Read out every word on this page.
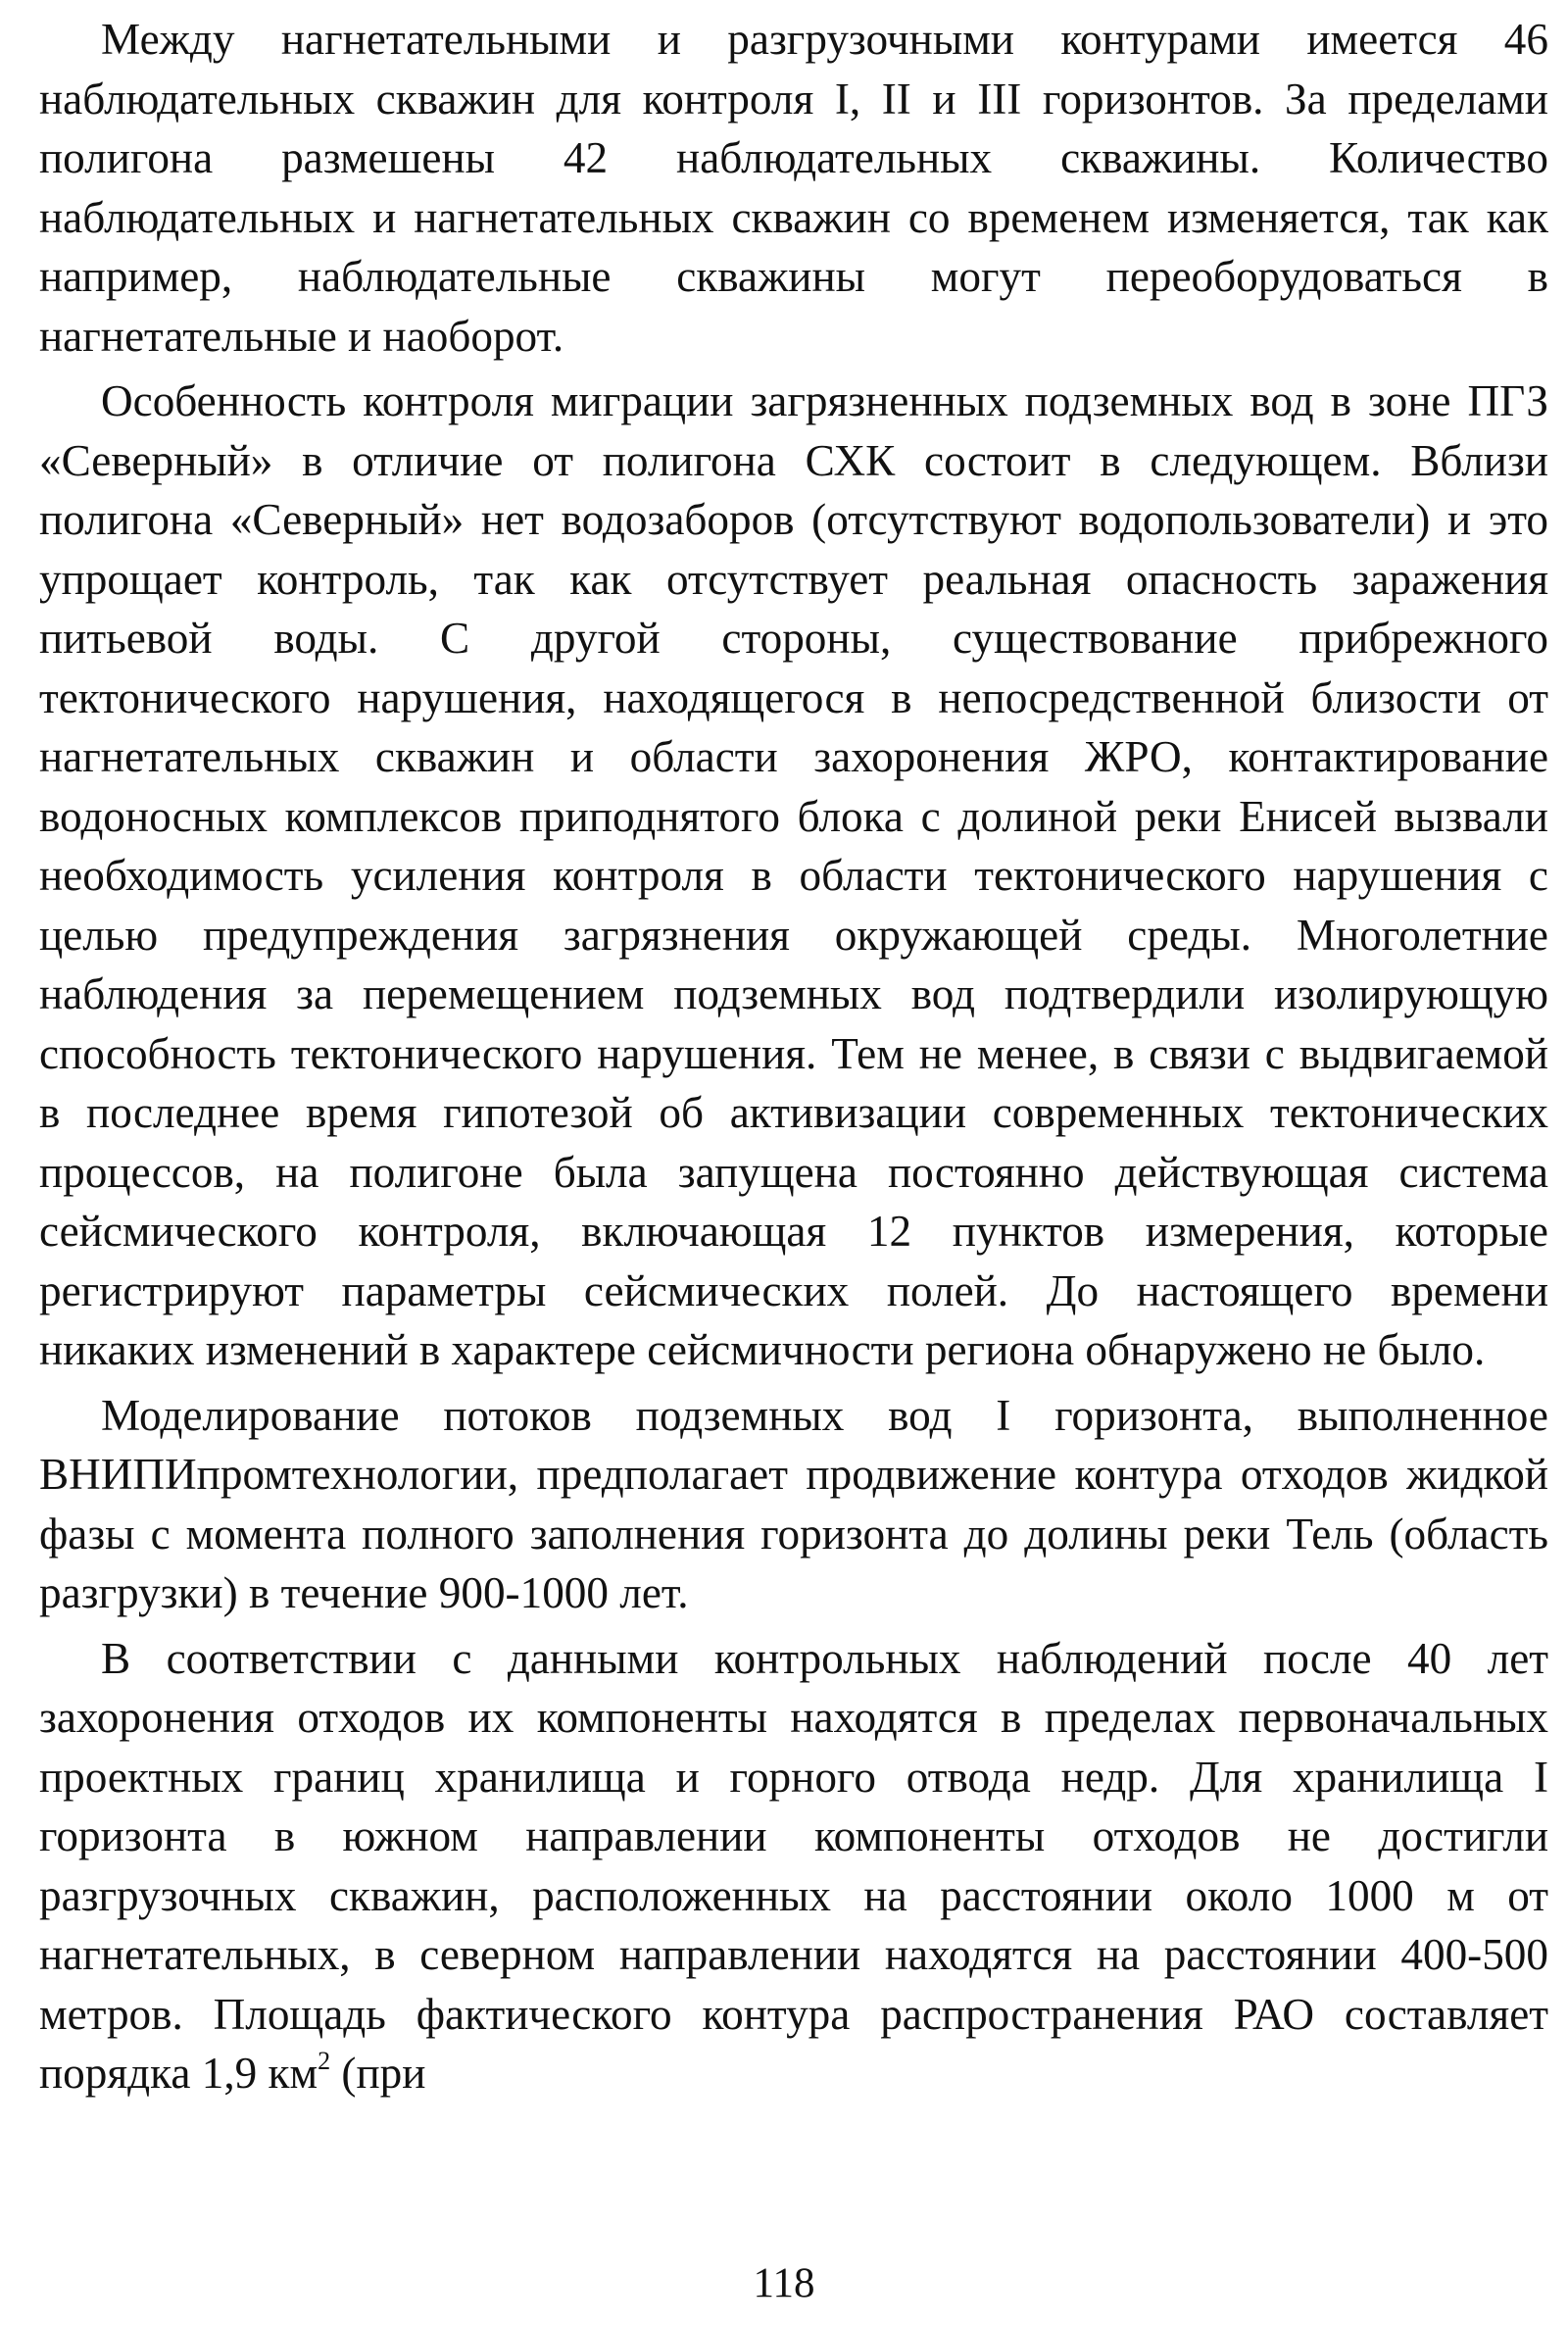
Между нагнетательными и разгрузочными контурами имеется 46 наблюдательных скважин для контроля I, II и III горизонтов. За пределами полигона размешены 42 наблюдательных скважины. Количество наблюдательных и нагнетательных скважин со временем изменяется, так как например, наблюдательные скважины могут переоборудоваться в нагнетательные и наоборот.

Особенность контроля миграции загрязненных подземных вод в зоне ПГЗ «Северный» в отличие от полигона СХК состоит в следующем. Вблизи полигона «Северный» нет водозаборов (отсутствуют водопользователи) и это упрощает контроль, так как отсутствует реальная опасность заражения питьевой воды. С другой стороны, существование прибрежного тектонического нарушения, находящегося в непосредственной близости от нагнетательных скважин и области захоронения ЖРО, контактирование водоносных комплексов приподнятого блока с долиной реки Енисей вызвали необходимость усиления контроля в области тектонического нарушения с целью предупреждения загрязнения окружающей среды. Многолетние наблюдения за перемещением подземных вод подтвердили изолирующую способность тектонического нарушения. Тем не менее, в связи с выдвигаемой в последнее время гипотезой об активизации современных тектонических процессов, на полигоне была запущена постоянно действующая система сейсмического контроля, включающая 12 пунктов измерения, которые регистрируют параметры сейсмических полей. До настоящего времени никаких изменений в характере сейсмичности региона обнаружено не было.

Моделирование потоков подземных вод I горизонта, выполненное ВНИПИпромтехнологии, предполагает продвижение контура отходов жидкой фазы с момента полного заполнения горизонта до долины реки Тель (область разгрузки) в течение 900-1000 лет.

В соответствии с данными контрольных наблюдений после 40 лет захоронения отходов их компоненты находятся в пределах первоначальных проектных границ хранилища и горного отвода недр. Для хранилища I горизонта в южном направлении компоненты отходов не достигли разгрузочных скважин, расположенных на расстоянии около 1000 м от нагнетательных, в северном направлении находятся на расстоянии 400-500 метров. Площадь фактического контура распространения РАО составляет порядка 1,9 $км^2$ (при

118
